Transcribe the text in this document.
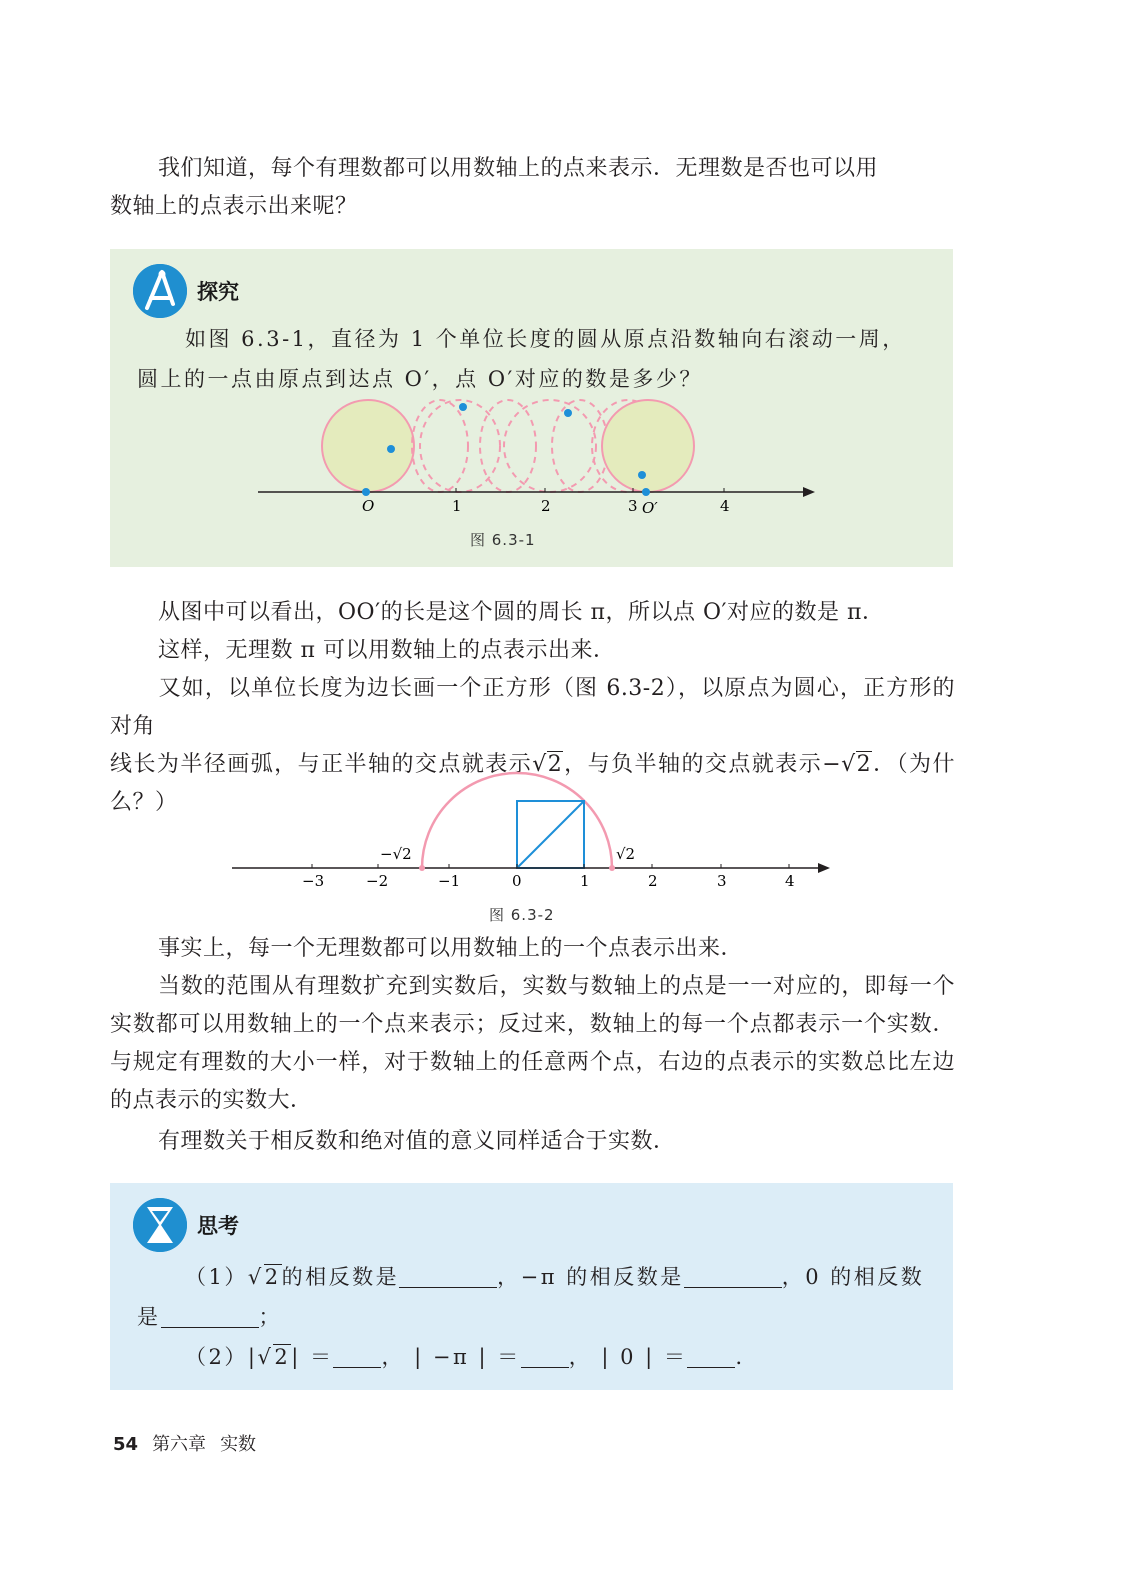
我们知道，每个有理数都可以用数轴上的点来表示．无理数是否也可以用
数轴上的点表示出来呢？

探究

如图 6.3-1，直径为 1 个单位长度的圆从原点沿数轴向右滚动一周，
圆上的一点由原点到达点 O′，点 O′对应的数是多少？

O	1	2	3 O′	4
图 6.3-1

从图中可以看出，OO′的长是这个圆的周长 π，所以点 O′对应的数是 π．
这样，无理数 π 可以用数轴上的点表示出来．
又如，以单位长度为边长画一个正方形（图 6.3-2），以原点为圆心，正方形的对角
线长为半径画弧，与正半轴的交点就表示√2，与负半轴的交点就表示−√2．（为什么？）

−√2	√2
−3	−2	−1	0	1	2	3	4
图 6.3-2

事实上，每一个无理数都可以用数轴上的一个点表示出来．

当数的范围从有理数扩充到实数后，实数与数轴上的点是一一对应的，即每一个实数都可以用数轴上的一个点来表示；反过来，数轴上的每一个点都表示一个实数．与规定有理数的大小一样，对于数轴上的任意两个点，右边的点表示的实数总比左边的点表示的实数大．

有理数关于相反数和绝对值的意义同样适合于实数．

思考

（1）√2的相反数是	，−π 的相反数是	，0 的相反数
是	；
（2）|√2| ＝ ， | −π | ＝ ， | 0 | ＝ ．

54 第六章 实数
